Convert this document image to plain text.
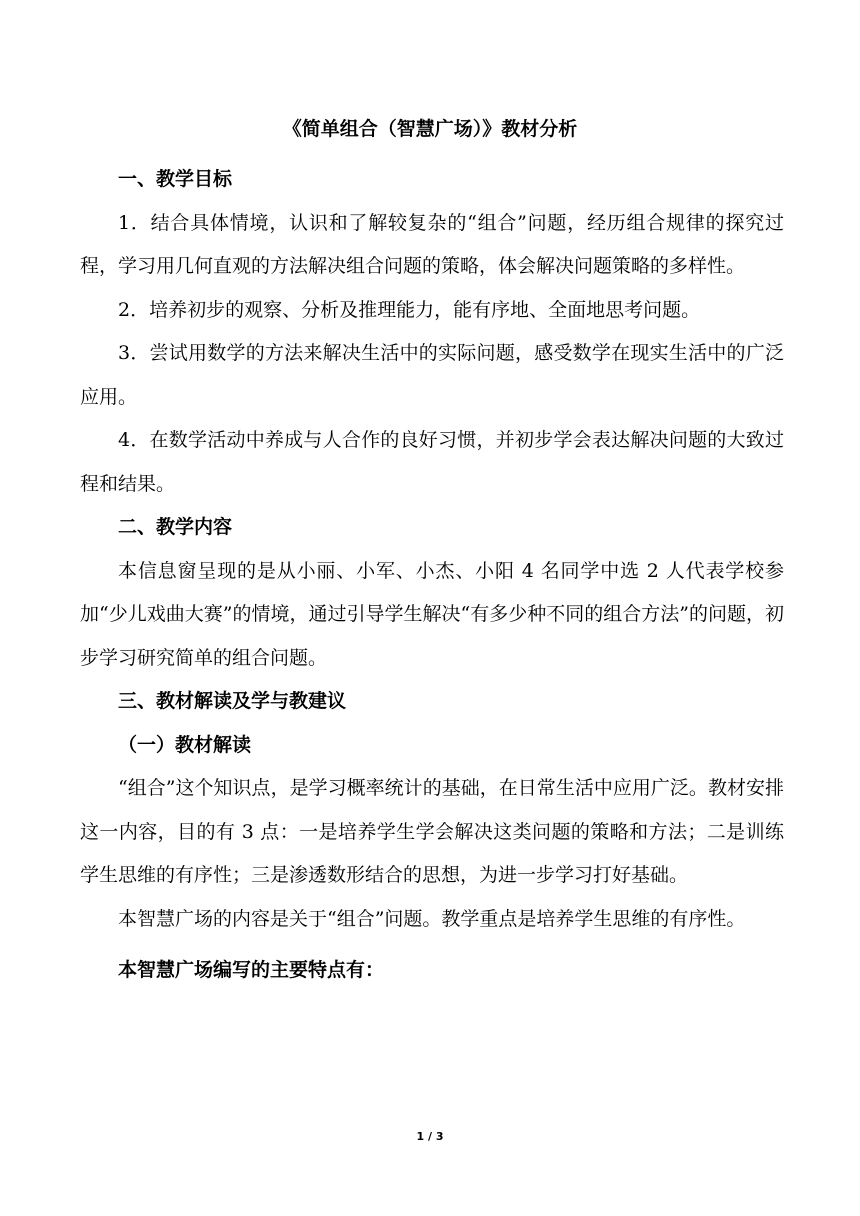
《简单组合（智慧广场）》教材分析

一、教学目标

1．结合具体情境，认识和了解较复杂的“组合”问题，经历组合规律的探究过程，学习用几何直观的方法解决组合问题的策略，体会解决问题策略的多样性。

2．培养初步的观察、分析及推理能力，能有序地、全面地思考问题。

3．尝试用数学的方法来解决生活中的实际问题，感受数学在现实生活中的广泛应用。

4．在数学活动中养成与人合作的良好习惯，并初步学会表达解决问题的大致过程和结果。

二、教学内容

本信息窗呈现的是从小丽、小军、小杰、小阳 4 名同学中选 2 人代表学校参加“少儿戏曲大赛”的情境，通过引导学生解决“有多少种不同的组合方法”的问题，初步学习研究简单的组合问题。

三、教材解读及学与教建议

（一）教材解读

“组合”这个知识点，是学习概率统计的基础，在日常生活中应用广泛。教材安排这一内容，目的有 3 点：一是培养学生学会解决这类问题的策略和方法；二是训练学生思维的有序性；三是渗透数形结合的思想，为进一步学习打好基础。

本智慧广场的内容是关于“组合”问题。教学重点是培养学生思维的有序性。

本智慧广场编写的主要特点有：

1 / 3
